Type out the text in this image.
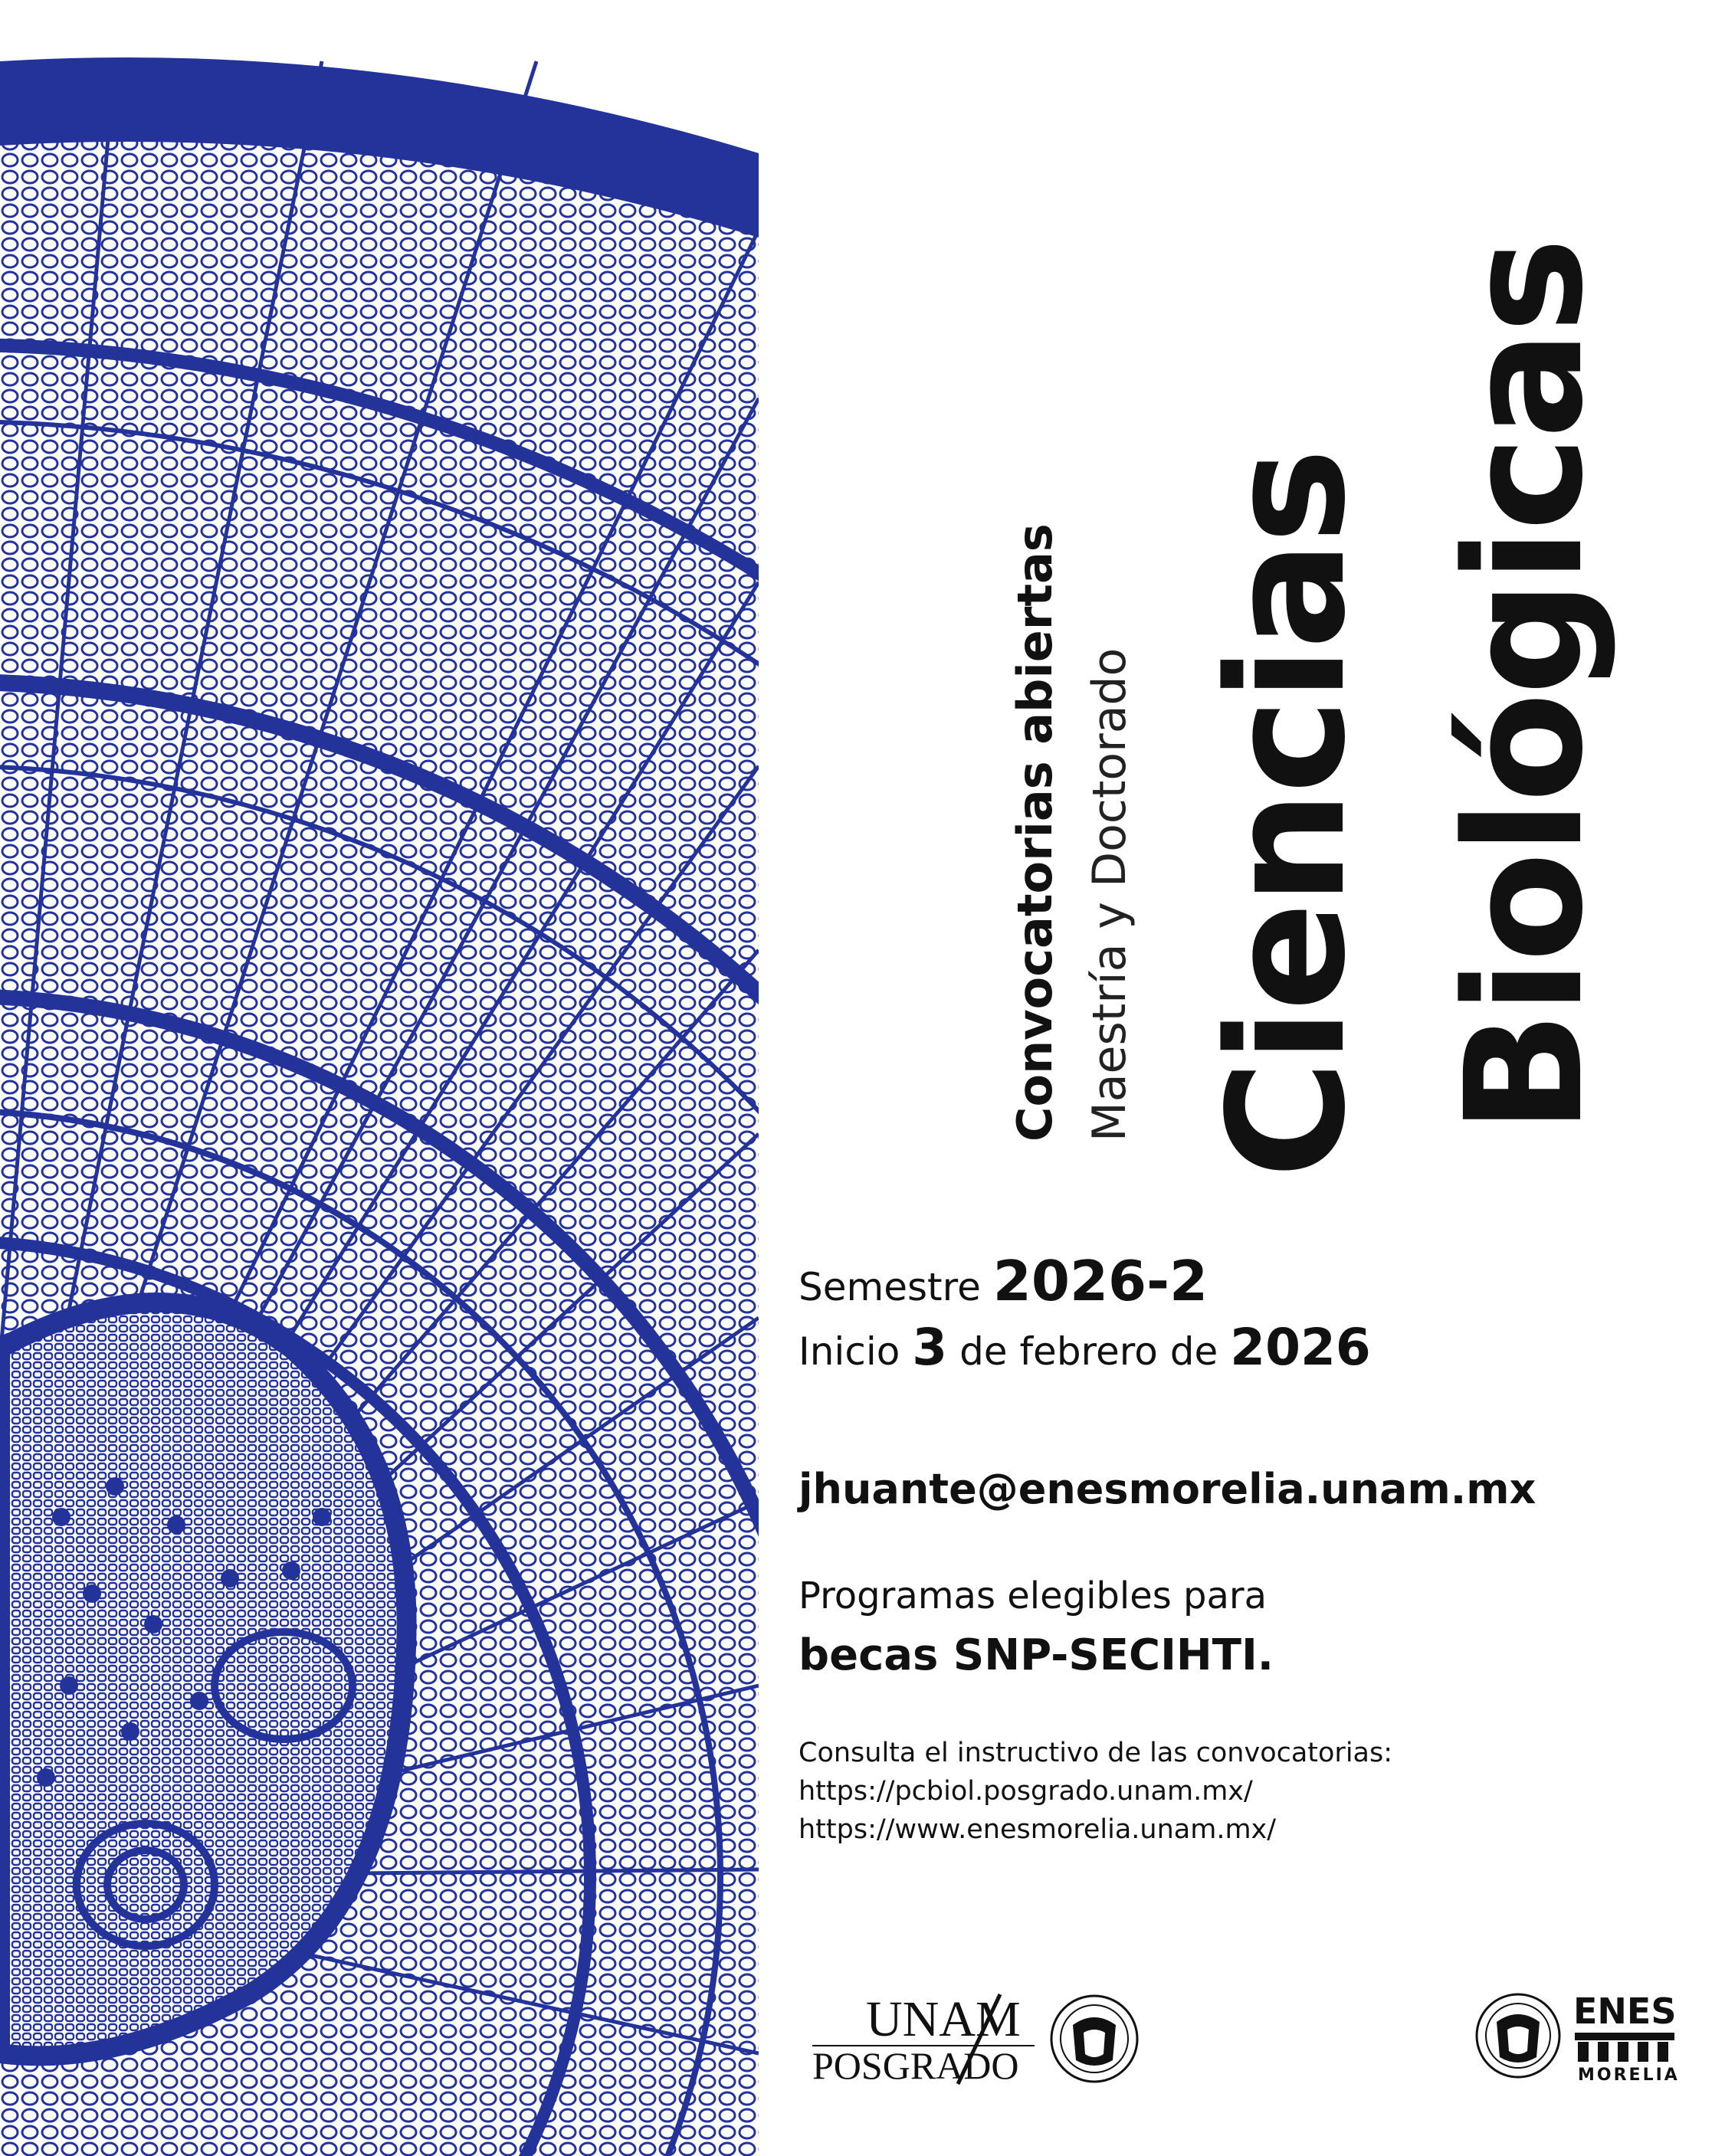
Convocatorias abiertas Maestría y Doctorado Ciencias Biológicas
Semestre 2026-2
Inicio 3 de febrero de 2026
jhuante@enesmorelia.unam.mx
Programas elegibles para
becas SNP-SECIHTI.
Consulta el instructivo de las convocatorias:
https://pcbiol.posgrado.unam.mx/
https://www.enesmorelia.unam.mx/
UNAM
POSGRADO
ENES
MORELIA
